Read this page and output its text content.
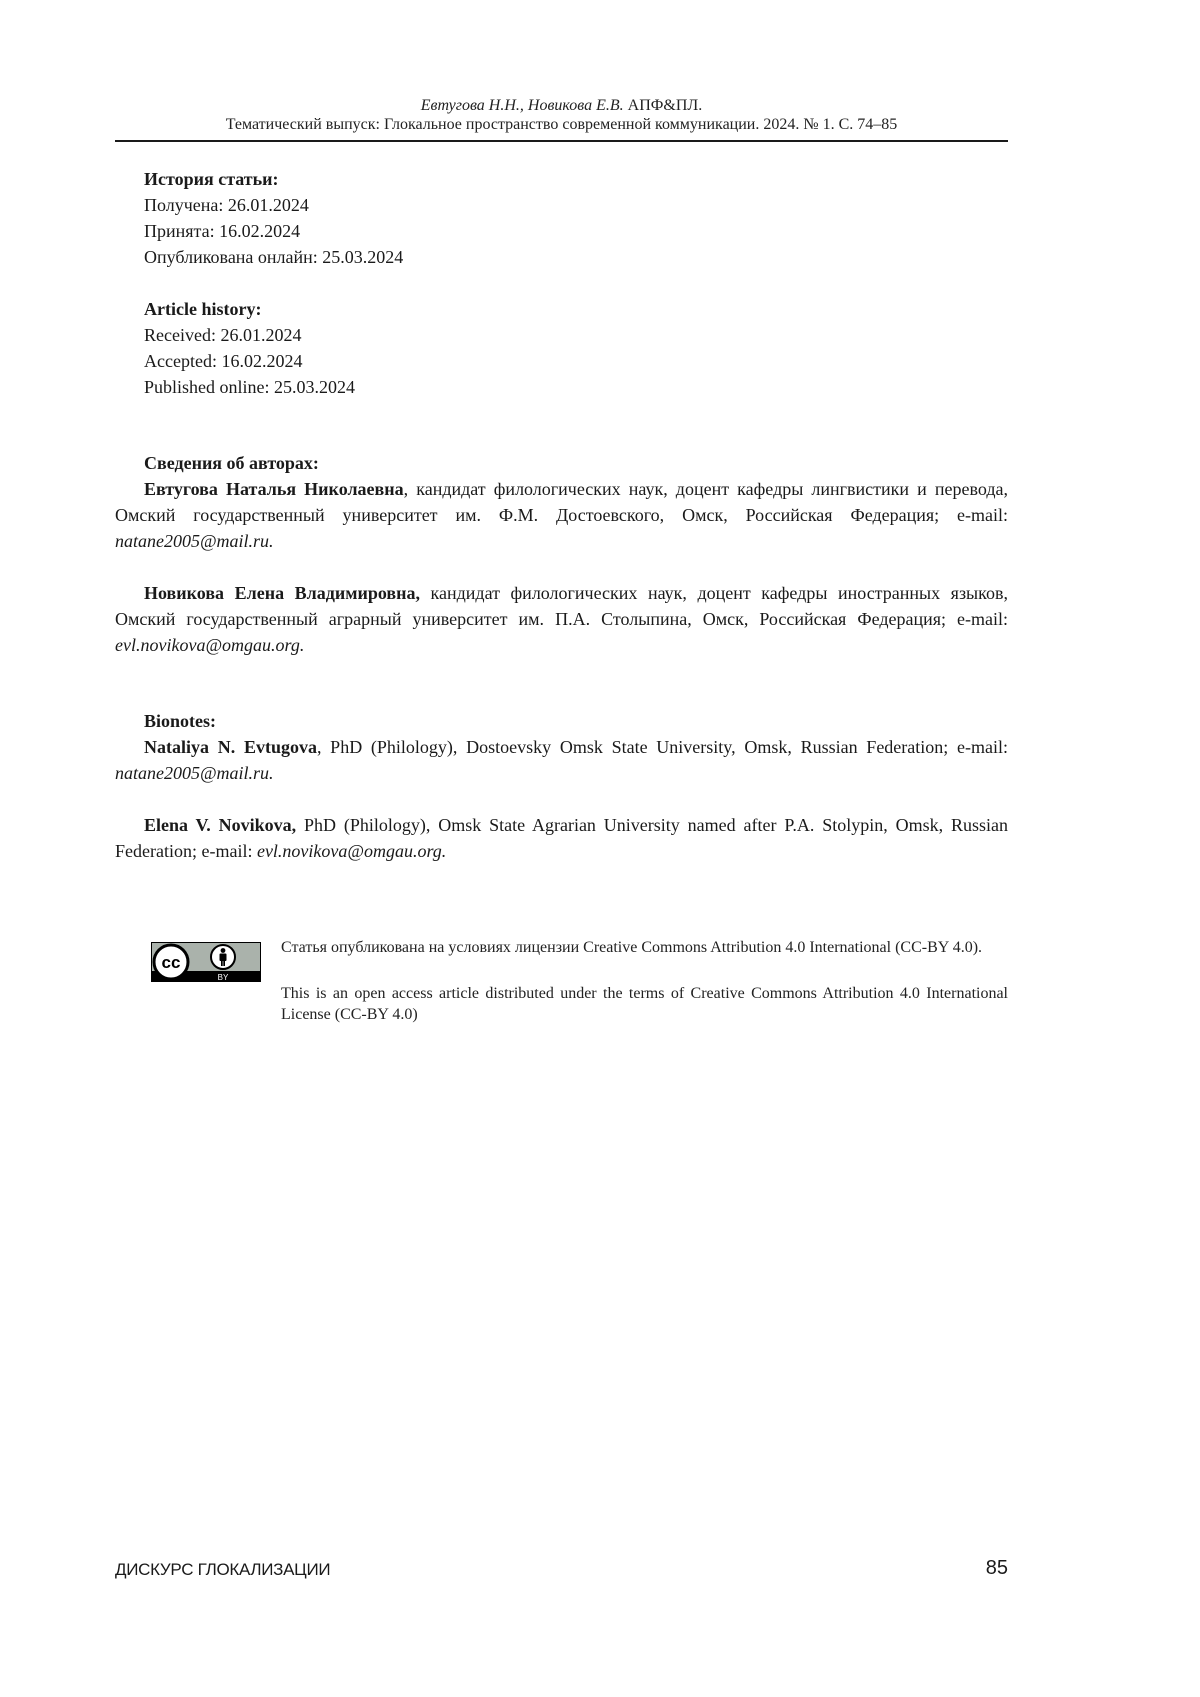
Евтугова Н.Н., Новикова Е.В. АПФ&ПЛ.
Тематический выпуск: Глокальное пространство современной коммуникации. 2024. № 1. С. 74–85
История статьи:
Получена: 26.01.2024
Принята: 16.02.2024
Опубликована онлайн: 25.03.2024
Article history:
Received: 26.01.2024
Accepted: 16.02.2024
Published online: 25.03.2024
Сведения об авторах:

Евтугова Наталья Николаевна, кандидат филологических наук, доцент кафедры лингвистики и перевода, Омский государственный университет им. Ф.М. Достоевского, Омск, Российская Федерация; e-mail: natane2005@mail.ru.

Новикова Елена Владимировна, кандидат филологических наук, доцент кафедры иностранных языков, Омский государственный аграрный университет им. П.А. Столыпина, Омск, Российская Федерация; e-mail: evl.novikova@omgau.org.

Bionotes:

Nataliya N. Evtugova, PhD (Philology), Dostoevsky Omsk State University, Omsk, Russian Federation; e-mail: natane2005@mail.ru.

Elena V. Novikova, PhD (Philology), Omsk State Agrarian University named after P.A. Stolypin, Omsk, Russian Federation; e-mail: evl.novikova@omgau.org.

cc
BY

Статья опубликована на условиях лицензии Creative Commons Attribution 4.0 International (CC-BY 4.0).

This is an open access article distributed under the terms of Creative Commons Attribution 4.0 International License (CC-BY 4.0)

ДИСКУРС ГЛОКАЛИЗАЦИИ	85
